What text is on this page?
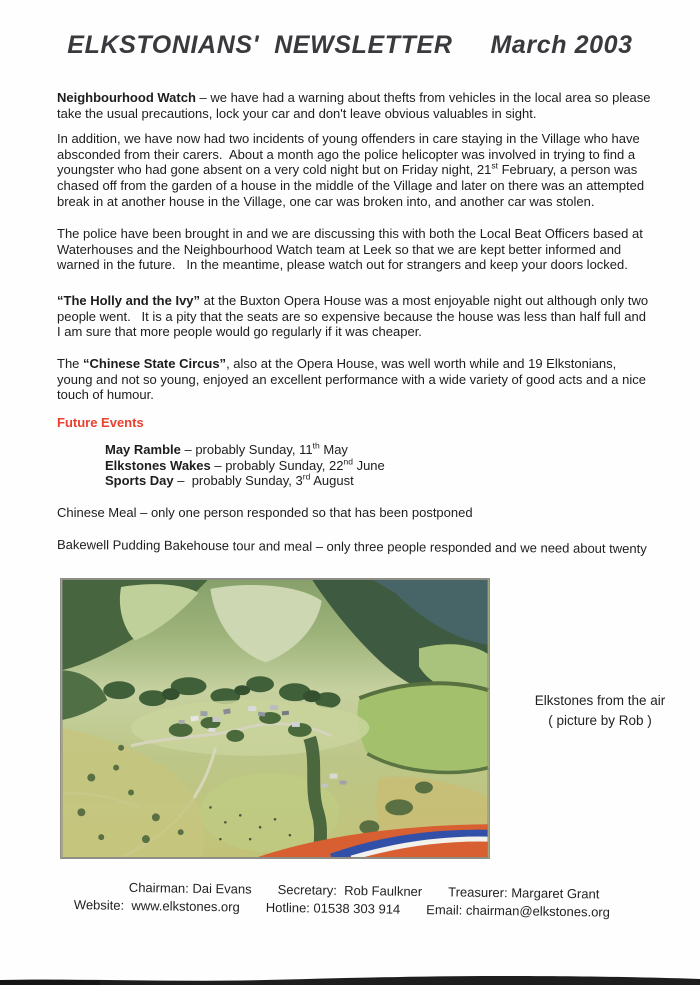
ELKSTONIANS'  NEWSLETTER March 2003
Neighbourhood Watch – we have had a warning about thefts from vehicles in the local area so please
take the usual precautions, lock your car and don't leave obvious valuables in sight.
In addition, we have now had two incidents of young offenders in care staying in the Village who have
absconded from their carers.  About a month ago the police helicopter was involved in trying to find a
youngster who had gone absent on a very cold night but on Friday night, 21st February, a person was
chased off from the garden of a house in the middle of the Village and later on there was an attempted
break in at another house in the Village, one car was broken into, and another car was stolen.
The police have been brought in and we are discussing this with both the Local Beat Officers based at
Waterhouses and the Neighbourhood Watch team at Leek so that we are kept better informed and
warned in the future.   In the meantime, please watch out for strangers and keep your doors locked.
“The Holly and the Ivy” at the Buxton Opera House was a most enjoyable night out although only two
people went.   It is a pity that the seats are so expensive because the house was less than half full and
I am sure that more people would go regularly if it was cheaper.
The “Chinese State Circus”, also at the Opera House, was well worth while and 19 Elkstonians,
young and not so young, enjoyed an excellent performance with a wide variety of good acts and a nice
touch of humour.
Future Events
May Ramble – probably Sunday, 11th May
Elkstones Wakes – probably Sunday, 22nd June
Sports Day –  probably Sunday, 3rd August
Chinese Meal – only one person responded so that has been postponed
Bakewell Pudding Bakehouse tour and meal – only three people responded and we need about twenty
Elkstones from the air
( picture by Rob )
Chairman: Dai Evans Secretary:  Rob Faulkner Treasurer: Margaret Grant
Website:  www.elkstones.org Hotline: 01538 303 914 Email: chairman@elkstones.org
